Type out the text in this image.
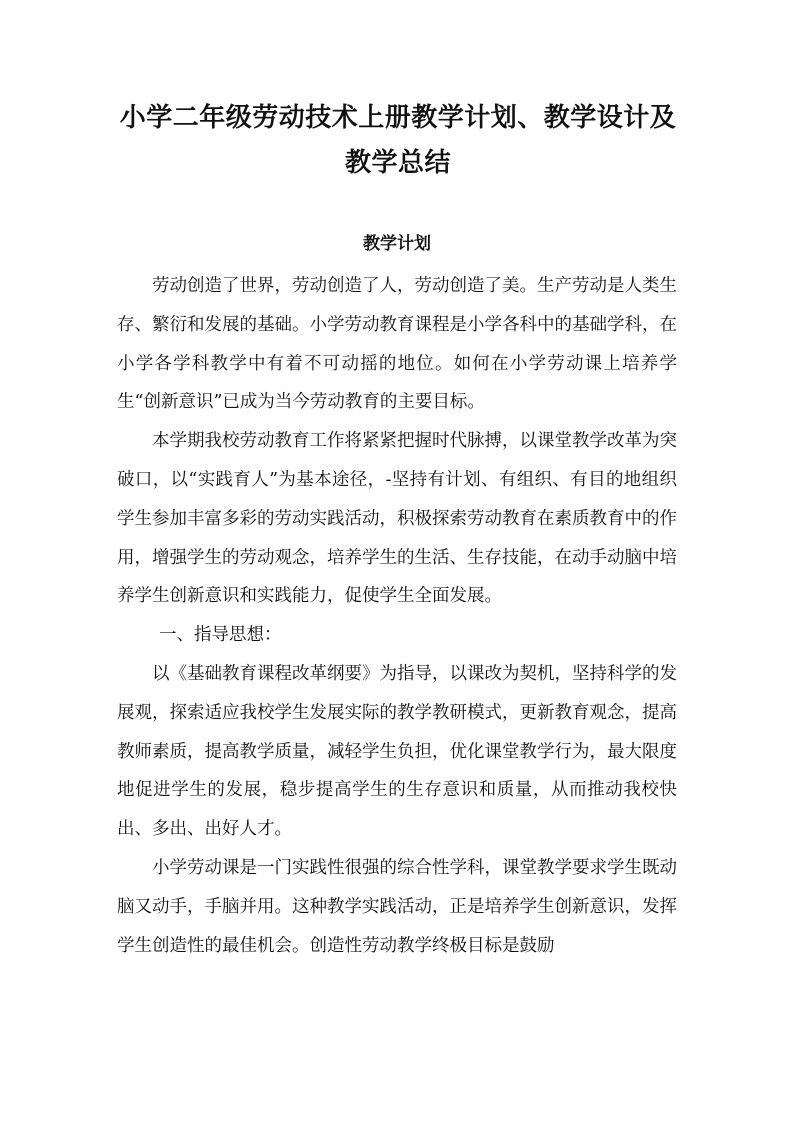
小学二年级劳动技术上册教学计划、教学设计及教学总结
教学计划

劳动创造了世界，劳动创造了人，劳动创造了美。生产劳动是人类生存、繁衍和发展的基础。小学劳动教育课程是小学各科中的基础学科，在小学各学科教学中有着不可动摇的地位。如何在小学劳动课上培养学生“创新意识”已成为当今劳动教育的主要目标。

本学期我校劳动教育工作将紧紧把握时代脉搏，以课堂教学改革为突破口，以“实践育人”为基本途径，-坚持有计划、有组织、有目的地组织学生参加丰富多彩的劳动实践活动，积极探索劳动教育在素质教育中的作用，增强学生的劳动观念，培养学生的生活、生存技能，在动手动脑中培养学生创新意识和实践能力，促使学生全面发展。

一、指导思想：

以《基础教育课程改革纲要》为指导，以课改为契机，坚持科学的发展观，探索适应我校学生发展实际的教学教研模式，更新教育观念，提高教师素质，提高教学质量，减轻学生负担，优化课堂教学行为，最大限度地促进学生的发展，稳步提高学生的生存意识和质量，从而推动我校快出、多出、出好人才。

小学劳动课是一门实践性很强的综合性学科，课堂教学要求学生既动脑又动手，手脑并用。这种教学实践活动，正是培养学生创新意识，发挥学生创造性的最佳机会。创造性劳动教学终极目标是鼓励
